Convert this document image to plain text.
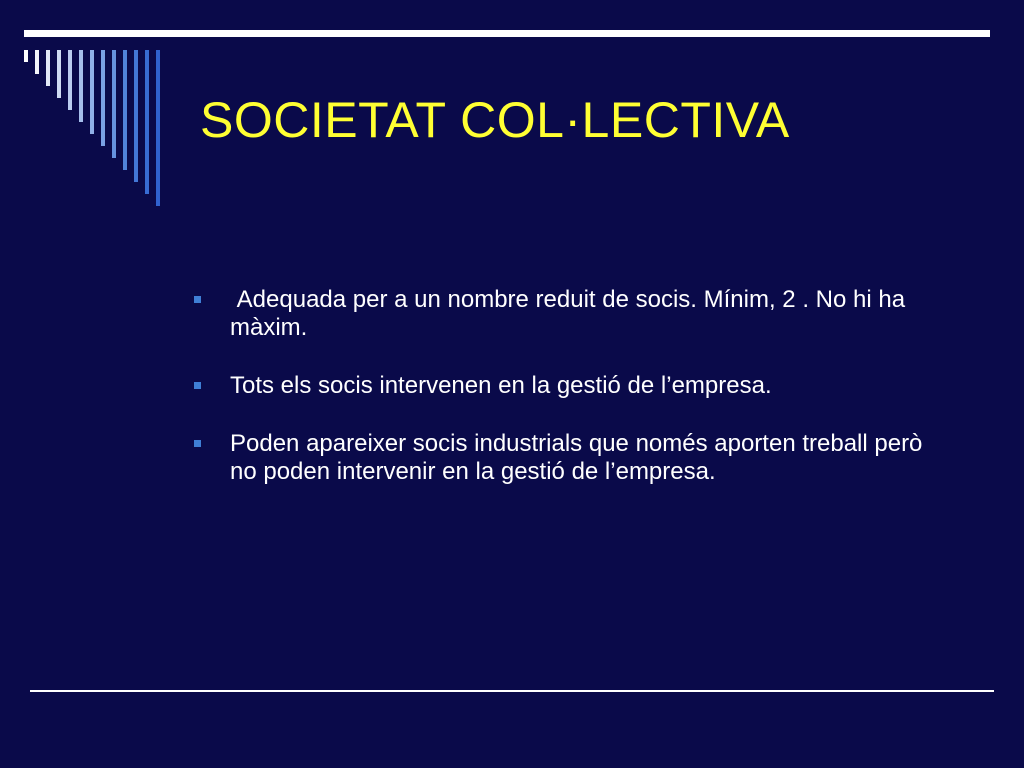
SOCIETAT COL·LECTIVA
Adequada per a un nombre reduit de socis. Mínim, 2 . No hi ha màxim.
Tots els socis intervenen en la gestió de l’empresa.
Poden apareixer socis industrials que només aporten treball però no poden intervenir en la gestió de l’empresa.
